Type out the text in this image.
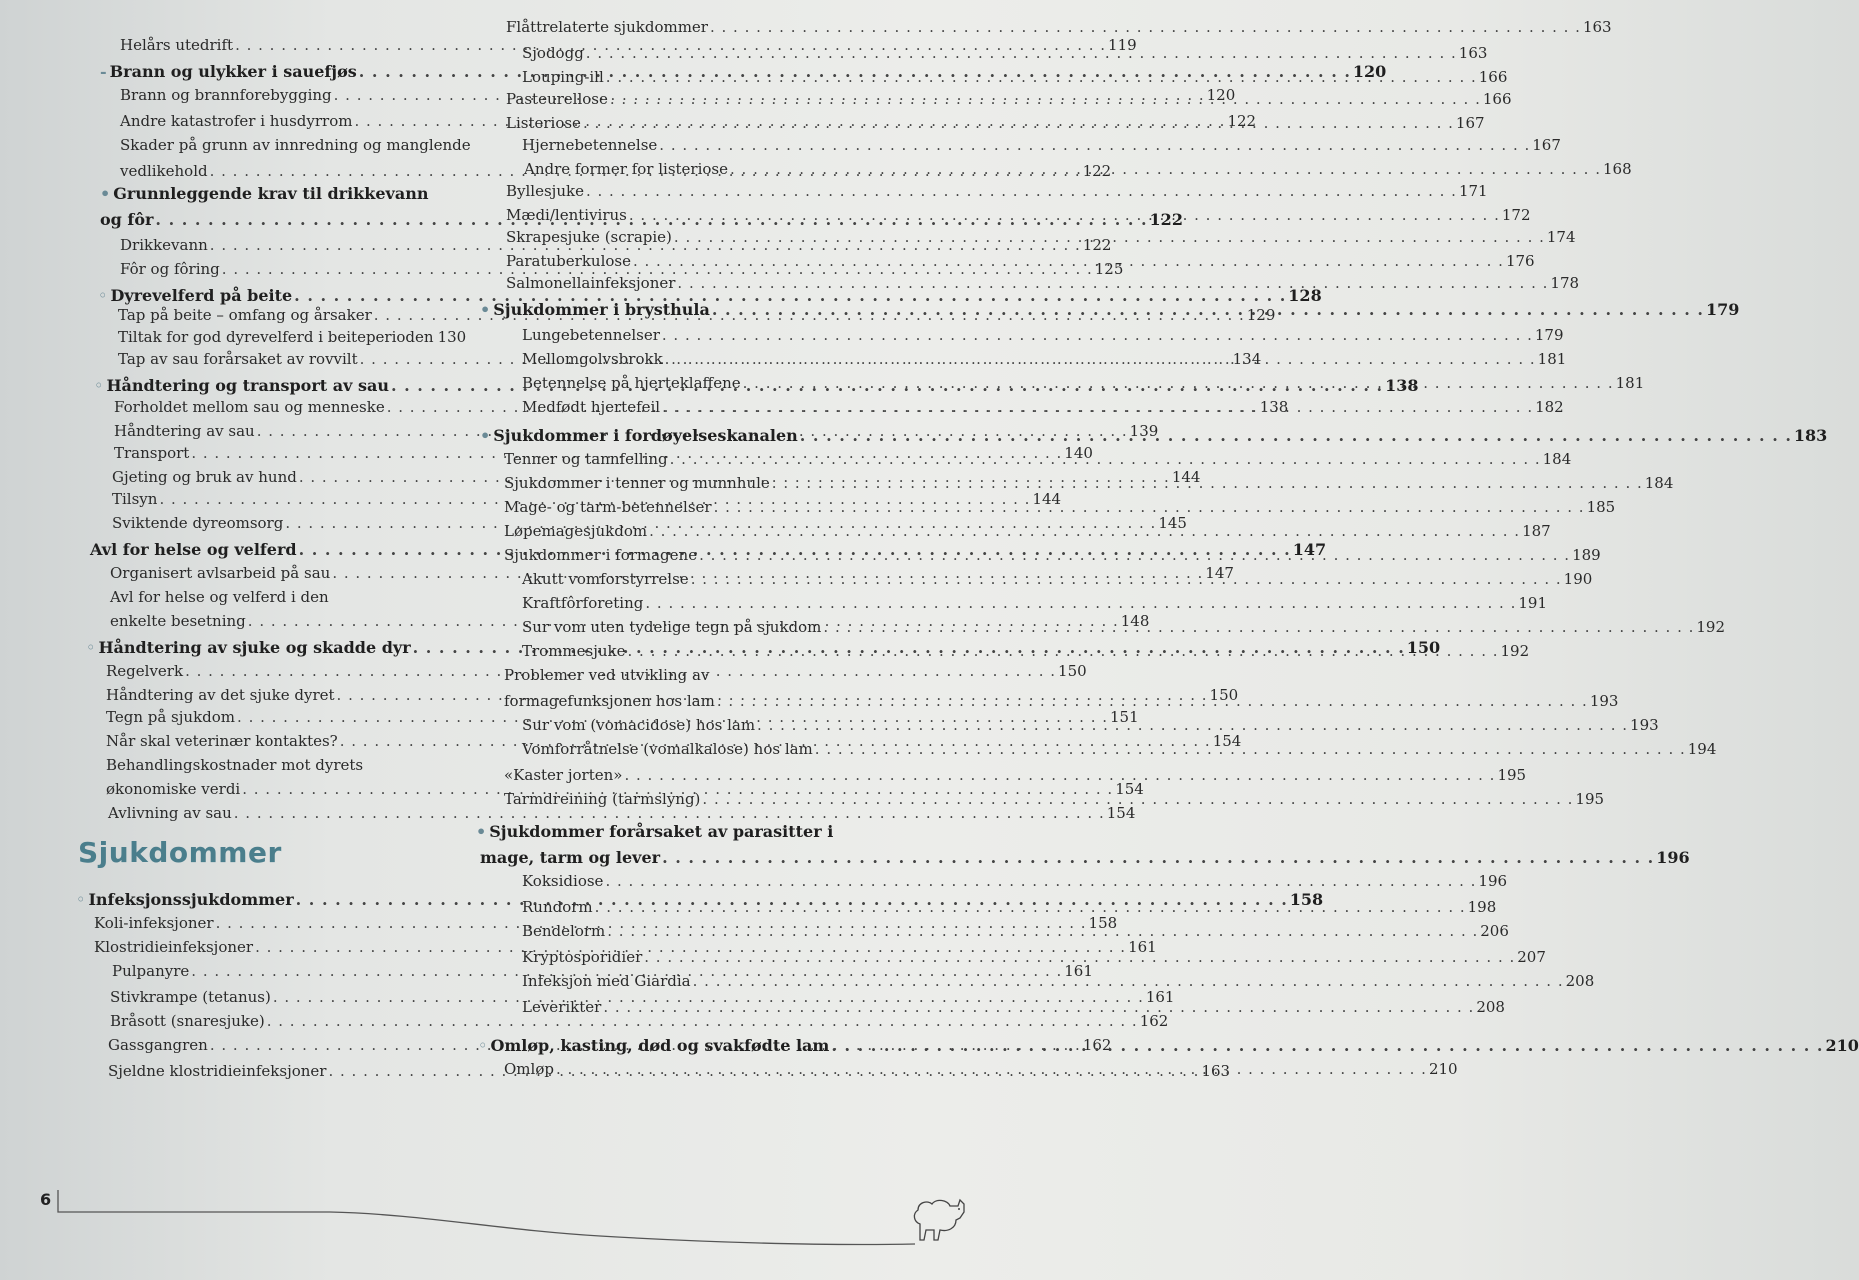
Helårs utedrift . . .	119
- Brann og ulykker i sauefjøs . . .	120
Brann og brannforebygging . . .	120
Andre katastrofer i husdyrrom . . .	122
Skader på grunn av innredning og manglende
vedlikehold . . .	122
• Grunnleggende krav til drikkevann
og fôr . . .	122
Drikkevann . . .	122
Fôr og fôring . . .	125
◦ Dyrevelferd på beite . . .	128
Tap på beite – omfang og årsaker . . .	129
Tiltak for god dyrevelferd i beiteperioden 130
Tap av sau forårsaket av rovvilt . . .	134
◦ Håndtering og transport av sau . . .	138
Forholdet mellom sau og menneske . . .	138
Håndtering av sau . . .	139
Transport . . .	140
Gjeting og bruk av hund . . .	144
Tilsyn . . .	144
Sviktende dyreomsorg . . .	145
Avl for helse og velferd . . .	147
Organisert avlsarbeid på sau . . .	147
Avl for helse og velferd i den
enkelte besetning . . .	148
◦ Håndtering av sjuke og skadde dyr . . .	150
Regelverk . . .	150
Håndtering av det sjuke dyret . . .	150
Tegn på sjukdom . . .	151
Når skal veterinær kontaktes? . . .	154
Behandlingskostnader mot dyrets
økonomiske verdi . . .	154
Avlivning av sau . . .	154
◦ Infeksjonssjukdommer . . .	158
Koli-infeksjoner . . .	158
Klostridieinfeksjoner . . .	161
Pulpanyre . . .	161
Stivkrampe (tetanus) . . .	161
Bråsott (snaresjuke) . . .	162
Gassgangren . . .	162
Sjeldne klostridieinfeksjoner . . .	163
Flåttrelaterte sjukdommer . . .	163
Sjodogg . . .	163
Louping-ill . . .	166
Pasteurellose . . .	166
Listeriose . . .	167
Hjernebetennelse . . .	167
Andre former for listeriose . . .	168
Byllesjuke . . .	171
Mædi/lentivirus . . .	172
Skrapesjuke (scrapie) . . .	174
Paratuberkulose . . .	176
Salmonellainfeksjoner . . .	178
• Sjukdommer i brysthula . . .	179
Lungebetennelser . . .	179
Mellomgolvsbrokk . . .	181
Betennelse på hjerteklaffene . . .	181
Medfødt hjertefeil . . .	182
• Sjukdommer i fordøyelseskanalen . . .	183
Tenner og tannfelling . . .	184
Sjukdommer i tenner og munnhule . . .	184
Mage- og tarm-betennelser . . .	185
Løpemagesjukdom . . .	187
Sjukdommer i formagene . . .	189
Akutt vomforstyrrelse . . .	190
Kraftfôrforeting . . .	191
Sur vom uten tydelige tegn på sjukdom . . .	192
Trommesjuke . . .	192
Problemer ved utvikling av
formagefunksjonen hos lam . . .	193
Sur vom (vomacidose) hos lam . . .	193
Vomforråtnelse (vomalkalose) hos lam . . .	194
«Kaster jorten» . . .	195
Tarmdreining (tarmslyng) . . .	195
• Sjukdommer forårsaket av parasitter i
mage, tarm og lever . . .	196
Koksidiose . . .	196
Rundorm . . .	198
Bendelorm . . .	206
Kryptosporidier . . .	207
Infeksjon med Giardia . . .	208
Leverikter . . .	208
◦ Omløp, kasting, død og svakfødte lam . . .	210
Omløp . . .	210
Sjukdommer
6
